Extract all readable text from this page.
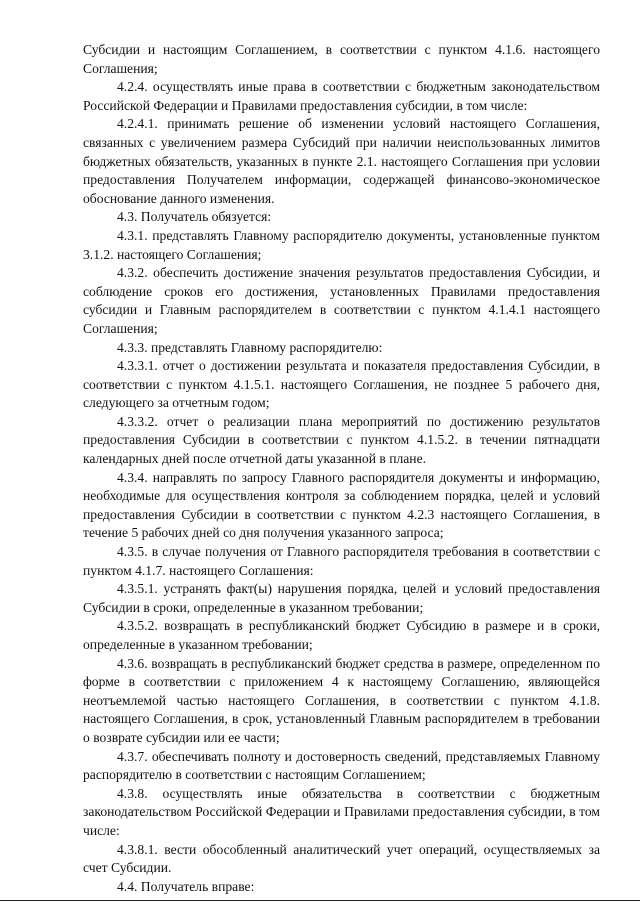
Субсидии и настоящим Соглашением, в соответствии с пунктом 4.1.6. настоящего Соглашения;

4.2.4. осуществлять иные права в соответствии с бюджетным законодательством Российской Федерации и Правилами предоставления субсидии, в том числе:

4.2.4.1. принимать решение об изменении условий настоящего Соглашения, связанных с увеличением размера Субсидий при наличии неиспользованных лимитов бюджетных обязательств, указанных в пункте 2.1. настоящего Соглашения при условии предоставления Получателем информации, содержащей финансово-экономическое обоснование данного изменения.

4.3. Получатель обязуется:

4.3.1. представлять Главному распорядителю документы, установленные пунктом 3.1.2. настоящего Соглашения;

4.3.2. обеспечить достижение значения результатов предоставления Субсидии, и соблюдение сроков его достижения, установленных Правилами предоставления субсидии и Главным распорядителем в соответствии с пунктом 4.1.4.1 настоящего Соглашения;

4.3.3. представлять Главному распорядителю:

4.3.3.1. отчет о достижении результата и показателя предоставления Субсидии, в соответствии с пунктом 4.1.5.1. настоящего Соглашения, не позднее 5 рабочего дня, следующего за отчетным годом;

4.3.3.2. отчет о реализации плана мероприятий по достижению результатов предоставления Субсидии в соответствии с пунктом 4.1.5.2. в течении пятнадцати календарных дней после отчетной даты указанной в плане.

4.3.4. направлять по запросу Главного распорядителя документы и информацию, необходимые для осуществления контроля за соблюдением порядка, целей и условий предоставления Субсидии в соответствии с пунктом 4.2.3 настоящего Соглашения, в течение 5 рабочих дней со дня получения указанного запроса;

4.3.5. в случае получения от Главного распорядителя требования в соответствии с пунктом 4.1.7. настоящего Соглашения:

4.3.5.1. устранять факт(ы) нарушения порядка, целей и условий предоставления Субсидии в сроки, определенные в указанном требовании;

4.3.5.2. возвращать в республиканский бюджет Субсидию в размере и в сроки, определенные в указанном требовании;

4.3.6. возвращать в республиканский бюджет средства в размере, определенном по форме в соответствии с приложением 4 к настоящему Соглашению, являющейся неотъемлемой частью настоящего Соглашения, в соответствии с пунктом 4.1.8. настоящего Соглашения, в срок, установленный Главным распорядителем в требовании о возврате субсидии или ее части;

4.3.7. обеспечивать полноту и достоверность сведений, представляемых Главному распорядителю в соответствии с настоящим Соглашением;

4.3.8. осуществлять иные обязательства в соответствии с бюджетным законодательством Российской Федерации и Правилами предоставления субсидии, в том числе:

4.3.8.1. вести обособленный аналитический учет операций, осуществляемых за счет Субсидии.

4.4. Получатель вправе:
